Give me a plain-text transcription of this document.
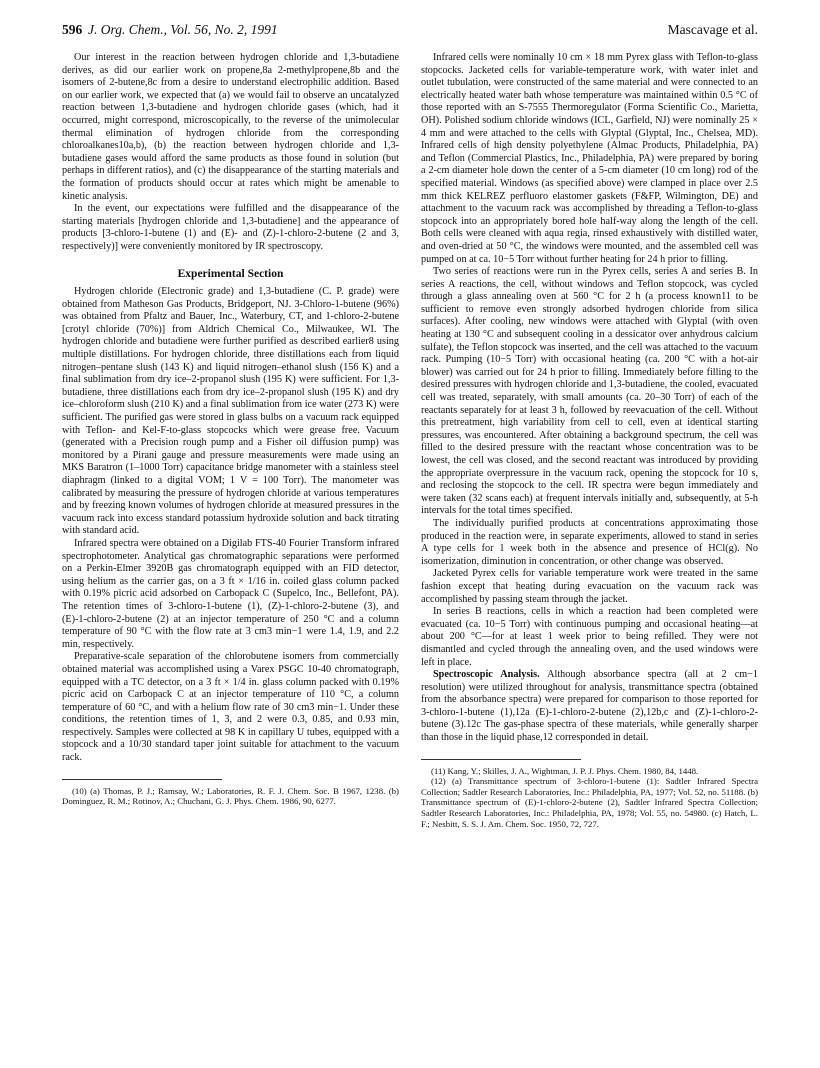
596 J. Org. Chem., Vol. 56, No. 2, 1991	Mascavage et al.

Our interest in the reaction between hydrogen chloride and 1,3-butadiene derives, as did our earlier work on propene,8a 2-methylpropene,8b and the isomers of 2-butene,8c from a desire to understand electrophilic addition. Based on our earlier work, we expected that (a) we would fail to observe an uncatalyzed reaction between 1,3-butadiene and hydrogen chloride gases (which, had it occurred, might correspond, microscopically, to the reverse of the unimolecular thermal elimination of hydrogen chloride from the corresponding chloroalkanes10a,b), (b) the reaction between hydrogen chloride and 1,3-butadiene gases would afford the same products as those found in solution (but perhaps in different ratios), and (c) the disappearance of the starting materials and the formation of products should occur at rates which might be amenable to kinetic analysis.

In the event, our expectations were fulfilled and the disappearance of the starting materials [hydrogen chloride and 1,3-butadiene] and the appearance of products [3-chloro-1-butene (1) and (E)- and (Z)-1-chloro-2-butene (2 and 3, respectively)] were conveniently monitored by IR spectroscopy.

Experimental Section

Hydrogen chloride (Electronic grade) and 1,3-butadiene (C. P. grade) were obtained from Matheson Gas Products, Bridgeport, NJ. 3-Chloro-1-butene (96%) was obtained from Pfaltz and Bauer, Inc., Waterbury, CT, and 1-chloro-2-butene [crotyl chloride (70%)] from Aldrich Chemical Co., Milwaukee, WI. The hydrogen chloride and butadiene were further purified as described earlier8 using multiple distillations. For hydrogen chloride, three distillations each from liquid nitrogen–pentane slush (143 K) and liquid nitrogen–ethanol slush (156 K) and a final sublimation from dry ice–2-propanol slush (195 K) were sufficient. For 1,3-butadiene, three distillations each from dry ice–2-propanol slush (195 K) and dry ice–chloroform slush (210 K) and a final sublimation from ice water (273 K) were sufficient. The purified gas were stored in glass bulbs on a vacuum rack equipped with Teflon- and Kel-F-to-glass stopcocks which were grease free. Vacuum (generated with a Precision rough pump and a Fisher oil diffusion pump) was monitored by a Pirani gauge and pressure measurements were made using an MKS Baratron (1–1000 Torr) capacitance bridge manometer with a stainless steel diaphragm (linked to a digital VOM; 1 V = 100 Torr). The manometer was calibrated by measuring the pressure of hydrogen chloride at various temperatures and by freezing known volumes of hydrogen chloride at measured pressures in the vacuum rack into excess standard potassium hydroxide solution and back titrating with standard acid.

Infrared spectra were obtained on a Digilab FTS-40 Fourier Transform infrared spectrophotometer. Analytical gas chromatographic separations were performed on a Perkin-Elmer 3920B gas chromatograph equipped with an FID detector, using helium as the carrier gas, on a 3 ft × 1/16 in. coiled glass column packed with 0.19% picric acid adsorbed on Carbopack C (Supelco, Inc., Bellefont, PA). The retention times of 3-chloro-1-butene (1), (Z)-1-chloro-2-butene (3), and (E)-1-chloro-2-butene (2) at an injector temperature of 250 °C and a column temperature of 90 °C with the flow rate at 3 cm3 min−1 were 1.4, 1.9, and 2.2 min, respectively.

Preparative-scale separation of the chlorobutene isomers from commercially obtained material was accomplished using a Varex PSGC 10-40 chromatograph, equipped with a TC detector, on a 3 ft × 1/4 in. glass column packed with 0.19% picric acid on Carbopack C at an injector temperature of 110 °C, a column temperature of 60 °C, and with a helium flow rate of 30 cm3 min−1. Under these conditions, the retention times of 1, 3, and 2 were 0.3, 0.85, and 0.93 min, respectively. Samples were collected at 98 K in capillary U tubes, equipped with a stopcock and a 10/30 standard taper joint suitable for attachment to the vacuum rack.

(10) (a) Thomas, P. J.; Ramsay, W.; Laboratories, R. F. J. Chem. Soc. B 1967, 1238. (b) Dominguez, R. M.; Rotinov, A.; Chuchani, G. J. Phys. Chem. 1986, 90, 6277.

Infrared cells were nominally 10 cm × 18 mm Pyrex glass with Teflon-to-glass stopcocks. Jacketed cells for variable-temperature work, with water inlet and outlet tubulation, were constructed of the same material and were connected to an electrically heated water bath whose temperature was maintained within 0.5 °C of those reported with an S-7555 Thermoregulator (Forma Scientific Co., Marietta, OH). Polished sodium chloride windows (ICL, Garfield, NJ) were nominally 25 × 4 mm and were attached to the cells with Glyptal (Glyptal, Inc., Chelsea, MD). Infrared cells of high density polyethylene (Almac Products, Philadelphia, PA) and Teflon (Commercial Plastics, Inc., Philadelphia, PA) were prepared by boring a 2-cm diameter hole down the center of a 5-cm diameter (10 cm long) rod of the specified material. Windows (as specified above) were clamped in place over 2.5 mm thick KELREZ perfluoro elastomer gaskets (F&FP, Wilmington, DE) and attachment to the vacuum rack was accomplished by threading a Teflon-to-glass stopcock into an appropriately bored hole half-way along the length of the cell. Both cells were cleaned with aqua regia, rinsed exhaustively with distilled water, and oven-dried at 50 °C, the windows were mounted, and the assembled cell was pumped on at ca. 10−5 Torr without further heating for 24 h prior to filling.

Two series of reactions were run in the Pyrex cells, series A and series B. In series A reactions, the cell, without windows and Teflon stopcock, was cycled through a glass annealing oven at 560 °C for 2 h (a process known11 to be sufficient to remove even strongly adsorbed hydrogen chloride from silica surfaces). After cooling, new windows were attached with Glyptal (with oven heating at 130 °C and subsequent cooling in a dessicator over anhydrous calcium sulfate), the Teflon stopcock was inserted, and the cell was attached to the vacuum rack. Pumping (10−5 Torr) with occasional heating (ca. 200 °C with a hot-air blower) was carried out for 24 h prior to filling. Immediately before filling to the desired pressures with hydrogen chloride and 1,3-butadiene, the cooled, evacuated cell was treated, separately, with small amounts (ca. 20–30 Torr) of each of the reactants separately for at least 3 h, followed by reevacuation of the cell. Without this pretreatment, high variability from cell to cell, even at identical starting pressures, was encountered. After obtaining a background spectrum, the cell was filled to the desired pressure with the reactant whose concentration was to be lowest, the cell was closed, and the second reactant was introduced by providing the appropriate overpressure in the vacuum rack, opening the stopcock for 10 s, and reclosing the stopcock to the cell. IR spectra were begun immediately and were taken (32 scans each) at frequent intervals initially and, subsequently, at 5-h intervals for the total times specified.

The individually purified products at concentrations approximating those produced in the reaction were, in separate experiments, allowed to stand in series A type cells for 1 week both in the absence and presence of HCl(g). No isomerization, diminution in concentration, or other change was observed.

Jacketed Pyrex cells for variable temperature work were treated in the same fashion except that heating during evacuation on the vacuum rack was accomplished by passing steam through the jacket.

In series B reactions, cells in which a reaction had been completed were evacuated (ca. 10−5 Torr) with continuous pumping and occasional heating—at about 200 °C—for at least 1 week prior to being refilled. They were not dismantled and cycled through the annealing oven, and the used windows were left in place.

Spectroscopic Analysis. Although absorbance spectra (all at 2 cm−1 resolution) were utilized throughout for analysis, transmittance spectra (obtained from the absorbance spectra) were prepared for comparison to those reported for 3-chloro-1-butene (1),12a (E)-1-chloro-2-butene (2),12b,c and (Z)-1-chloro-2-butene (3).12c The gas-phase spectra of these materials, while generally sharper than those in the liquid phase,12 corresponded in detail.

(11) Kang, Y.; Skilles, J. A., Wightman, J. P. J. Phys. Chem. 1980, 84, 1448.

(12) (a) Transmittance spectrum of 3-chloro-1-butene (1): Sadtler Infrared Spectra Collection; Sadtler Research Laboratories, Inc.: Philadelphia, PA, 1977; Vol. 52, no. 51188. (b) Transmittance spectrum of (E)-1-chloro-2-butene (2), Sadtler Infrared Spectra Collection; Sadtler Research Laboratories, Inc.: Philadelphia, PA, 1978; Vol. 55, no. 54980. (c) Hatch, L. F.; Nesbitt, S. S. J. Am. Chem. Soc. 1950, 72, 727.
